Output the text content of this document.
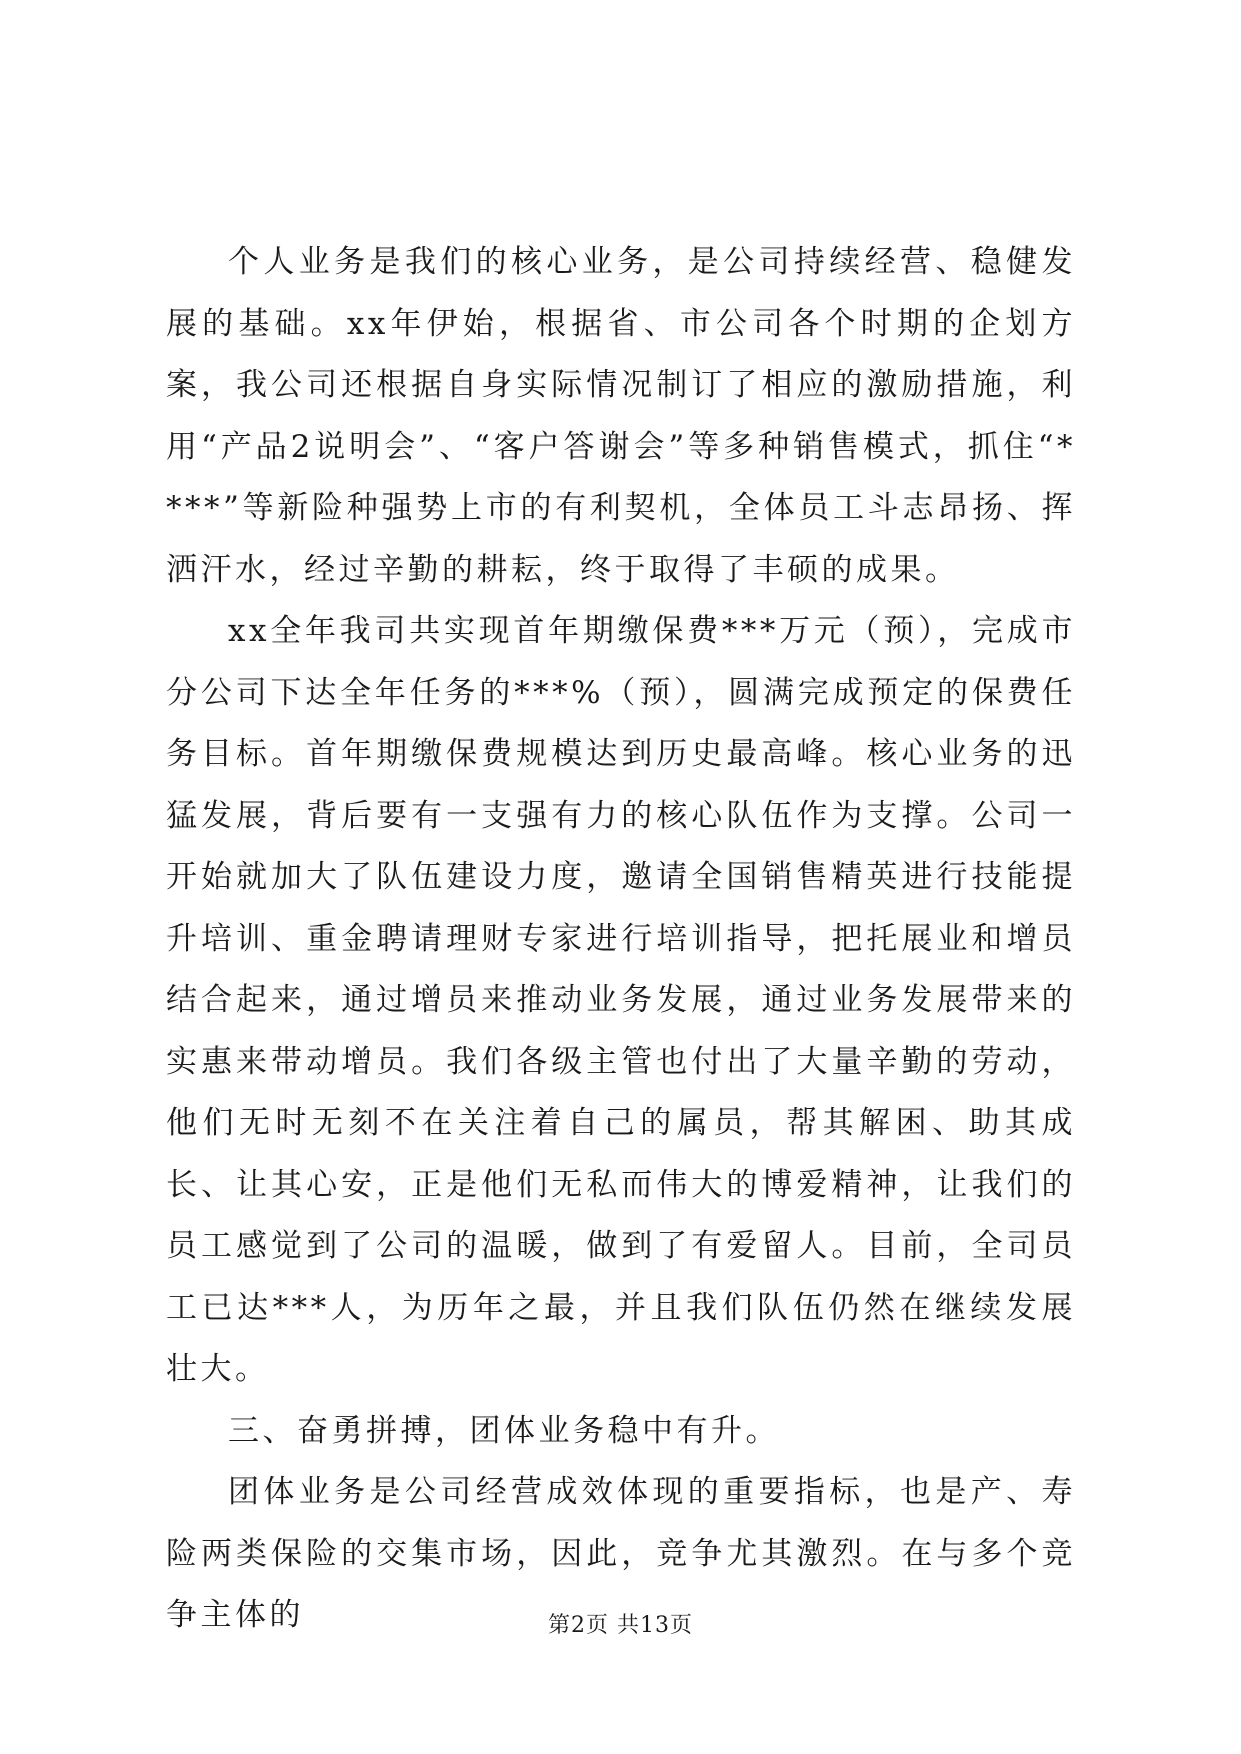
个人业务是我们的核心业务，是公司持续经营、稳健发展的基础。xx年伊始，根据省、市公司各个时期的企划方案，我公司还根据自身实际情况制订了相应的激励措施，利用“产品2说明会”、“客户答谢会”等多种销售模式，抓住“****”等新险种强势上市的有利契机，全体员工斗志昂扬、挥洒汗水，经过辛勤的耕耘，终于取得了丰硕的成果。

xx全年我司共实现首年期缴保费***万元（预），完成市分公司下达全年任务的***%（预），圆满完成预定的保费任务目标。首年期缴保费规模达到历史最高峰。核心业务的迅猛发展，背后要有一支强有力的核心队伍作为支撑。公司一开始就加大了队伍建设力度，邀请全国销售精英进行技能提升培训、重金聘请理财专家进行培训指导，把托展业和增员结合起来，通过增员来推动业务发展，通过业务发展带来的实惠来带动增员。我们各级主管也付出了大量辛勤的劳动，他们无时无刻不在关注着自己的属员，帮其解困、助其成长、让其心安，正是他们无私而伟大的博爱精神，让我们的员工感觉到了公司的温暖，做到了有爱留人。目前，全司员工已达***人，为历年之最，并且我们队伍仍然在继续发展壮大。

三、奋勇拼搏，团体业务稳中有升。

团体业务是公司经营成效体现的重要指标，也是产、寿险两类保险的交集市场，因此，竞争尤其激烈。在与多个竞争主体的	第2页 共13页
